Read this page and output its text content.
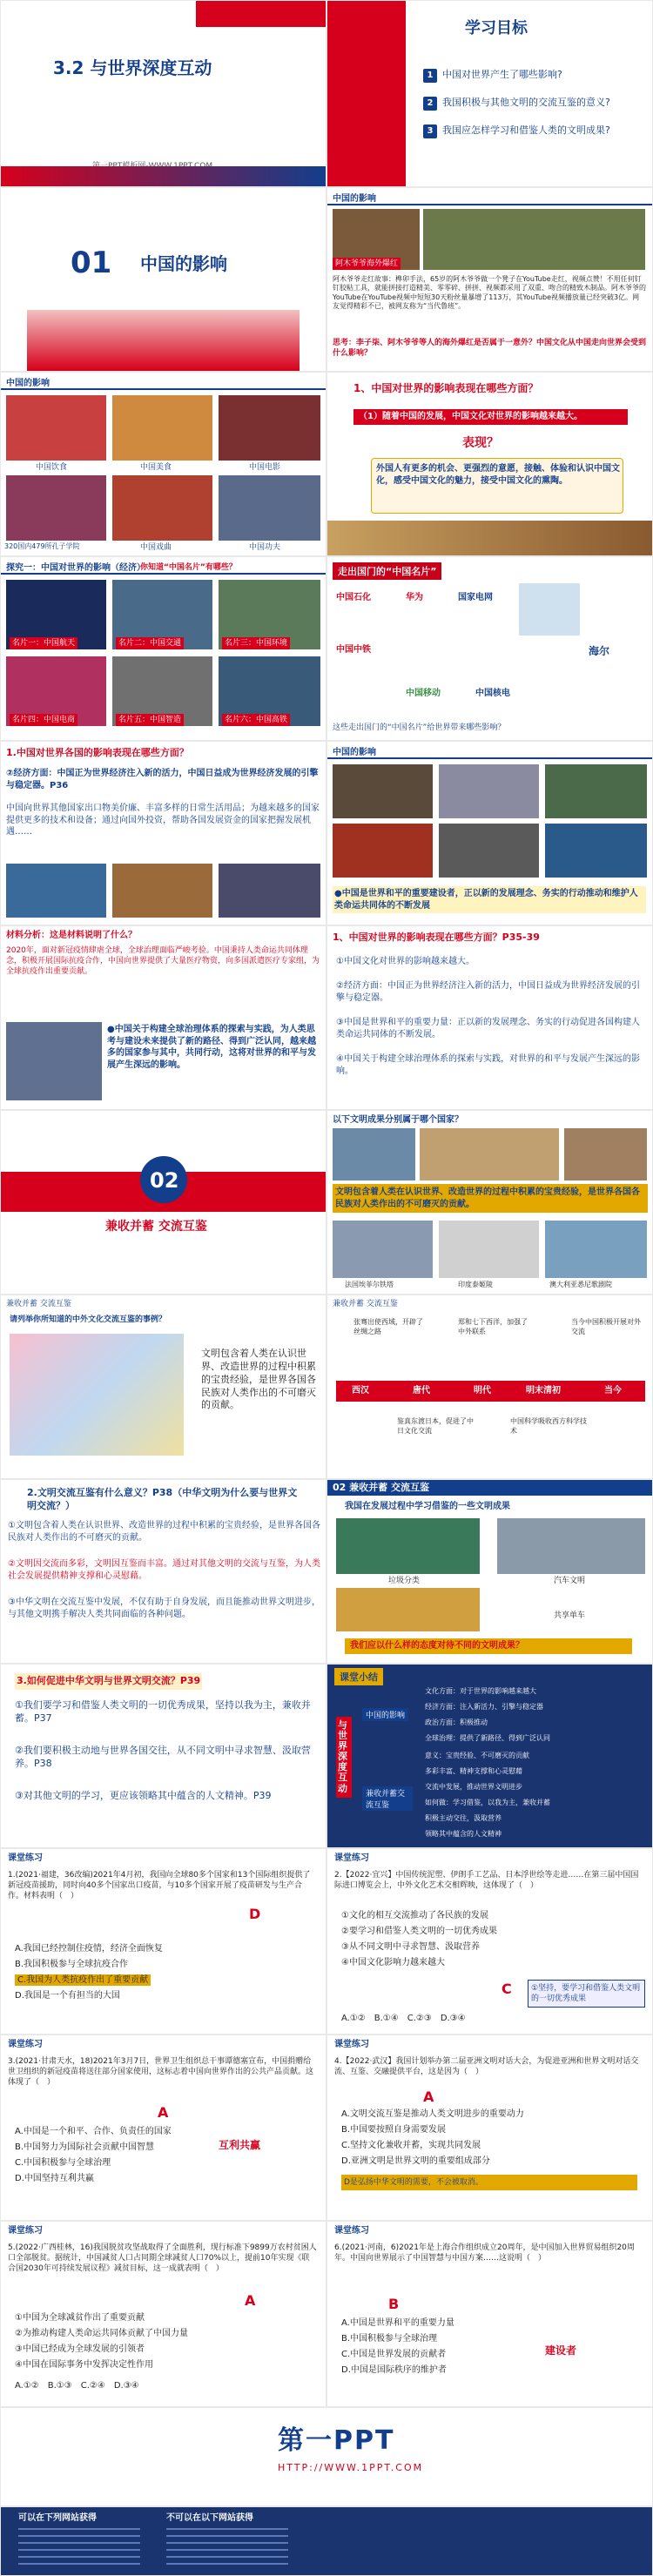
3.2 与世界深度互动
学习目标
1 中国对世界产生了哪些影响?
2 我国积极与其他文明的交流互鉴的意义?
3 我国应怎样学习和借鉴人类的文明成果?
01 中国的影响
中国的影响
阿木爷爷海外爆红
阿木爷爷走红故事：榫卯手法，65岁的阿木爷爷做一个凳子在YouTube走红，视频点赞！不用任何钉钉胶粘工具，就能拼接打造精美、零零碎、拼拼、视频都采用了双重、吻合的精致木制品。阿木爷爷的YouTube在YouTube视频中短短30天粉丝量暴增了113万，其YouTube视频播放量已经突破3亿。网友觉得精彩不已，被网友称为“当代鲁班”。
思考：李子柒、阿木爷爷等人的海外爆红是否属于一意外？中国文化从中国走向世界会受到什么影响？
中国的影响
中国饮食	中国美食	中国电影
320国内479所孔子学院	中国戏曲	中国功夫
1、中国对世界的影响表现在哪些方面？
（1）随着中国的发展，中国文化对世界的影响越来越大。
表现？
外国人有更多的机会、更强烈的意愿，接触、体验和认识中国文化，感受中国文化的魅力，接受中国文化的熏陶。
探究一：中国对世界的影响（经济）
你知道“中国名片”有哪些？
名片一：中国航天	名片二：中国交通	名片三：中国环境
名片四：中国电商	名片五：中国智造	名片六：中国高铁
走出国门的“中国名片”
中国石化	华为	国家电网
中国中铁	海尔
中国移动	中国核电
这些走出国门的“中国名片”给世界带来哪些影响？
1.中国对世界各国的影响表现在哪些方面？
②经济方面：中国正为世界经济注入新的活力，中国日益成为世界经济发展的引擎与稳定器。P36
中国向世界其他国家出口物美价廉、丰富多样的日常生活用品；为越来越多的国家提供更多的技术和设备；通过向国外投资，帮助各国发展资金的国家把握发展机遇……
中国的影响
●中国是世界和平的重要建设者，正以新的发展理念、务实的行动推动和维护人类命运共同体的不断发展
材料分析：这是材料说明了什么？
2020年，面对新冠疫情肆虐全球，全球治理面临严峻考验。中国秉持人类命运共同体理念，积极开展国际抗疫合作，中国向世界提供了大量医疗物资，向多国派遣医疗专家组，为全球抗疫作出重要贡献。
●中国关于构建全球治理体系的探索与实践，为人类思考与建设未来提供了新的路径、得到广泛认同，越来越多的国家参与其中，共同行动，这将对世界的和平与发展产生深远的影响。
1、中国对世界的影响表现在哪些方面？P35-39
①中国文化对世界的影响越来越大。
②经济方面：中国正为世界经济注入新的活力，中国日益成为世界经济发展的引擎与稳定器。
③中国是世界和平的重要力量：正以新的发展理念、务实的行动促进各国构建人类命运共同体的不断发展。
④中国关于构建全球治理体系的探索与实践，对世界的和平与发展产生深远的影响。
02
兼收并蓄 交流互鉴
以下文明成果分别属于哪个国家？
文明包含着人类在认识世界、改造世界的过程中积累的宝贵经验，是世界各国各民族对人类作出的不可磨灭的贡献。
法国埃菲尔铁塔	印度泰姬陵	澳大利亚悉尼歌剧院
兼收并蓄 交流互鉴
请列举你所知道的中外文化交流互鉴的事例？
文明包含着人类在认识世界、改造世界的过程中积累的宝贵经验，是世界各国各民族对人类作出的不可磨灭的贡献。
兼收并蓄 交流互鉴
西汉	唐代	明代	明末清初	当今
张骞出使西域，开辟了丝绸之路
郑和七下西洋，加强了中外联系
当今中国积极开展对外交流
鉴真东渡日本，促进了中日文化交流
中国科学吸收西方科学技术
2.文明交流互鉴有什么意义？P38（中华文明为什么要与世界文明交流？）
①文明包含着人类在认识世界、改造世界的过程中积累的宝贵经验，是世界各国各民族对人类作出的不可磨灭的贡献。
②文明因交流而多彩，文明因互鉴而丰富。通过对其他文明的交流与互鉴，为人类社会发展提供精神支撑和心灵慰藉。
③中华文明在交流互鉴中发展，不仅有助于自身发展，而且能推动世界文明进步，与其他文明携手解决人类共同面临的各种问题。
02 兼收并蓄 交流互鉴
我国在发展过程中学习借鉴的一些文明成果
垃圾分类	汽车文明
共享单车
我们应以什么样的态度对待不同的文明成果？
3.如何促进中华文明与世界文明交流？P39
①我们要学习和借鉴人类文明的一切优秀成果，坚持以我为主，兼收并蓄。P37
②我们要积极主动地与世界各国交往，从不同文明中寻求智慧、汲取营养。P38
③对其他文明的学习，更应该领略其中蕴含的人文精神。P39
课堂小结
与世界深度互动
中国的影响
兼收并蓄交流互鉴
文化方面：对于世界的影响越来越大
经济方面：注入新活力、引擎与稳定器
政治方面：积极推动
全球治理：提供了新路径、得到广泛认同
意义：宝贵经验、不可磨灭的贡献
多彩丰富、精神支撑和心灵慰藉
交流中发展，推动世界文明进步
如何做：学习借鉴，以我为主，兼收并蓄
积极主动交往，汲取营养
领略其中蕴含的人文精神
课堂练习
1.(2021·福建，36改编)2021年4月初，我国向全球80多个国家和13个国际组织提供了新冠疫苗援助，同时向40多个国家出口疫苗，与10多个国家开展了疫苗研发与生产合作。材料表明（　）
D
A.我国已经控制住疫情，经济全面恢复
B.我国积极参与全球抗疫合作
C.我国为人类抗疫作出了重要贡献
D.我国是一个有担当的大国
课堂练习
2.【2022·宜兴】中国传统泥塑、伊朗手工艺品、日本浮世绘等走进……在第三届中国国际进口博览会上，中外文化艺术交相辉映，这体现了（　）
①文化的相互交流推动了各民族的发展
②要学习和借鉴人类文明的一切优秀成果
③从不同文明中寻求智慧、汲取营养
④中国文化影响力越来越大
①坚持，要学习和借鉴人类文明的一切优秀成果
A.①②　B.①④　C.②③　D.③④
C
课堂练习
3.(2021·甘肃天水，18)2021年3月7日，世界卫生组织总干事谭德塞宣布，中国捐赠给世卫组织的新冠疫苗将送往部分国家使用，这标志着中国向世界作出的公共产品贡献。这体现了（　）
A
A.中国是一个和平、合作、负责任的国家
B.中国努力为国际社会贡献中国智慧
C.中国积极参与全球治理
D.中国坚持互利共赢
互利共赢
课堂练习
4.【2022·武汉】我国计划举办第二届亚洲文明对话大会，为促进亚洲和世界文明对话交流、互鉴、交融提供平台，这是因为（　）
A
A.文明交流互鉴是推动人类文明进步的重要动力
B.中国要按照自身需要发展
C.坚持文化兼收并蓄，实现共同发展
D.亚洲文明是世界文明的重要组成部分
D是弘扬中华文明的需要，不会被取消。
课堂练习
5.(2022·广西桂林，16)我国脱贫攻坚战取得了全面胜利，现行标准下9899万农村贫困人口全部脱贫。据统计，中国减贫人口占同期全球减贫人口70%以上，提前10年实现《联合国2030年可持续发展议程》减贫目标，这一成就表明（　）
A
①中国为全球减贫作出了重要贡献
②为推动构建人类命运共同体贡献了中国力量
③中国已经成为全球发展的引领者
④中国在国际事务中发挥决定性作用
A.①②　B.①③　C.②④　D.③④
课堂练习
6.(2021·河南，6)2021年是上海合作组织成立20周年，是中国加入世界贸易组织20周年。中国向世界展示了中国智慧与中国方案……这说明（　）
B
A.中国是世界和平的重要力量
B.中国积极参与全球治理
C.中国是世界发展的贡献者
D.中国是国际秩序的维护者
建设者
第一PPT
HTTP://WWW.1PPT.COM
可以在下列网站获得	不可以在以下网站获得
